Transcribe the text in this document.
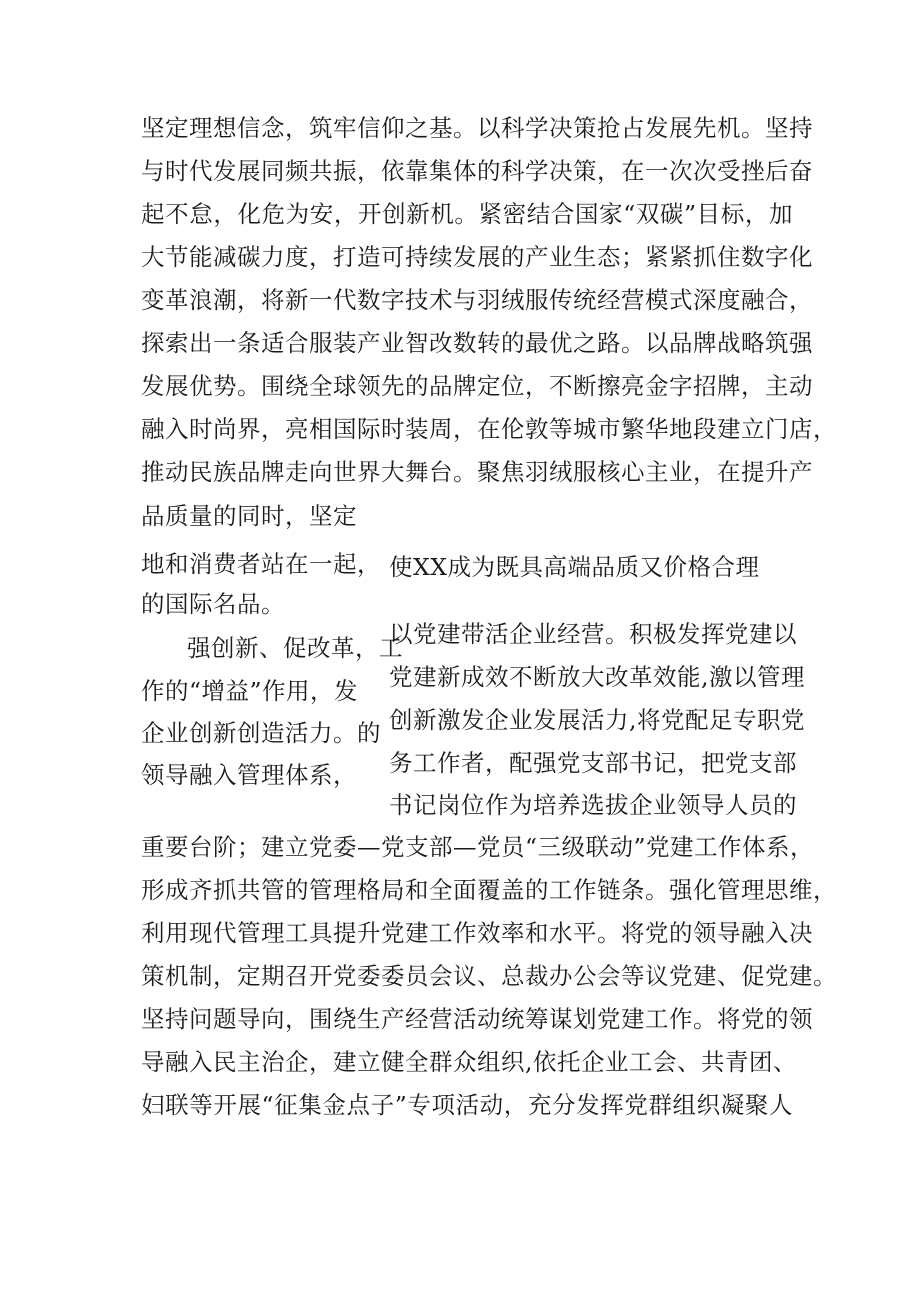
坚定理想信念，筑牢信仰之基。以科学决策抢占发展先机。坚持
与时代发展同频共振，依靠集体的科学决策，在一次次受挫后奋
起不怠，化危为安，开创新机。紧密结合国家“双碳”目标，加
大节能减碳力度，打造可持续发展的产业生态；紧紧抓住数字化
变革浪潮，将新一代数字技术与羽绒服传统经营模式深度融合，
探索出一条适合服装产业智改数转的最优之路。以品牌战略筑强
发展优势。围绕全球领先的品牌定位，不断擦亮金字招牌，主动
融入时尚界，亮相国际时装周，在伦敦等城市繁华地段建立门店，
推动民族品牌走向世界大舞台。聚焦羽绒服核心主业，在提升产
品质量的同时，坚定
地和消费者站在一起，
的国际名品。
强创新、促改革，工
作的“增益”作用，发
企业创新创造活力。的
领导融入管理体系，
使XX成为既具高端品质又价格合理
以党建带活企业经营。积极发挥党建以
党建新成效不断放大改革效能,激以管理
创新激发企业发展活力,将党配足专职党
务工作者，配强党支部书记，把党支部
书记岗位作为培养选拔企业领导人员的
重要台阶；建立党委—党支部—党员“三级联动”党建工作体系，
形成齐抓共管的管理格局和全面覆盖的工作链条。强化管理思维，
利用现代管理工具提升党建工作效率和水平。将党的领导融入决
策机制，定期召开党委委员会议、总裁办公会等议党建、促党建。
坚持问题导向，围绕生产经营活动统筹谋划党建工作。将党的领
导融入民主治企，建立健全群众组织,依托企业工会、共青团、
妇联等开展“征集金点子”专项活动，充分发挥党群组织凝聚人
